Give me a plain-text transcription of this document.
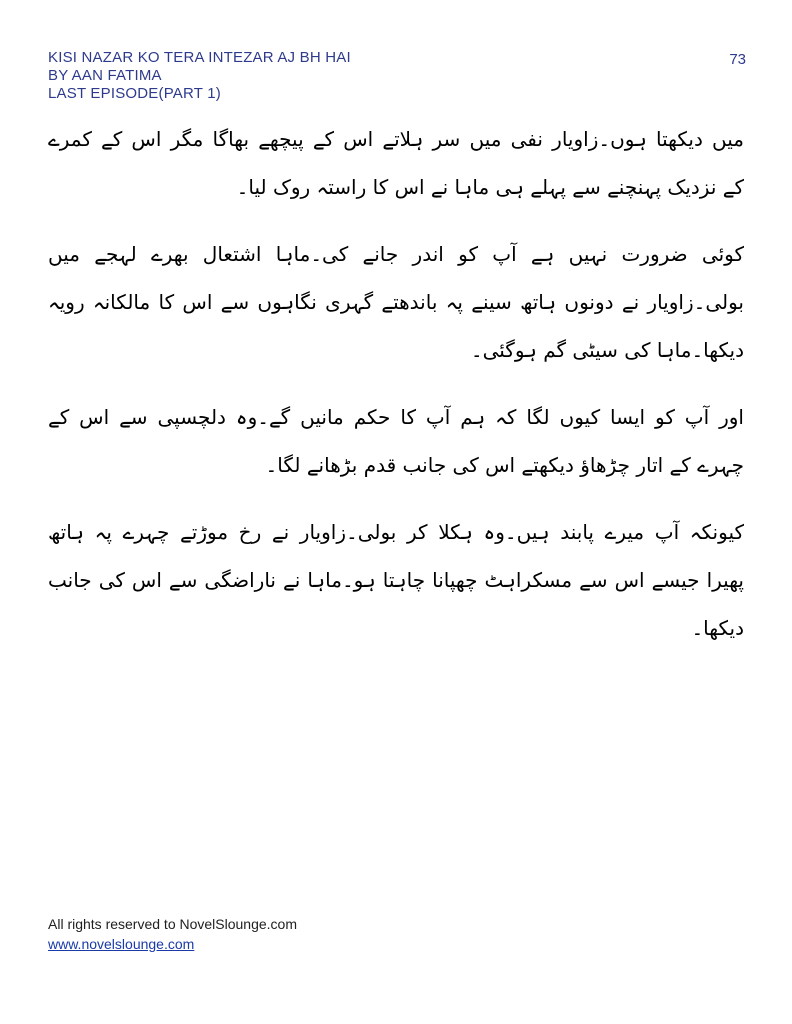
KISI NAZAR KO TERA INTEZAR AJ BH HAI
BY AAN FATIMA
LAST EPISODE(PART 1)
73
میں دیکھتا ہوں۔زاویار نفی میں سر ہلاتے اس کے پیچھے بھاگا مگر اس کے کمرے
کے نزدیک پہنچنے سے پہلے ہی ماہا نے اس کا راستہ روک لیا۔
کوئی ضرورت نہیں ہے آپ کو اندر جانے کی۔ماہا اشتعال بھرے لہجے میں
بولی۔زاویار نے دونوں ہاتھ سینے پہ باندھتے گہری نگاہوں سے اس کا مالکانہ رویہ
دیکھا۔ماہا کی سیٹی گم ہوگئی۔
اور آپ کو ایسا کیوں لگا کہ ہم آپ کا حکم مانیں گے۔وہ دلچسپی سے اس کے
چہرے کے اتار چڑھاؤ دیکھتے اس کی جانب قدم بڑھانے لگا۔
کیونکہ آپ میرے پابند ہیں۔وہ ہکلا کر بولی۔زاویار نے رخ موڑتے چہرے پہ ہاتھ
پھیرا جیسے اس سے مسکراہٹ چھپانا چاہتا ہو۔ماہا نے ناراضگی سے اس کی جانب
دیکھا۔
All rights reserved to NovelSlounge.com
www.novelslounge.com
